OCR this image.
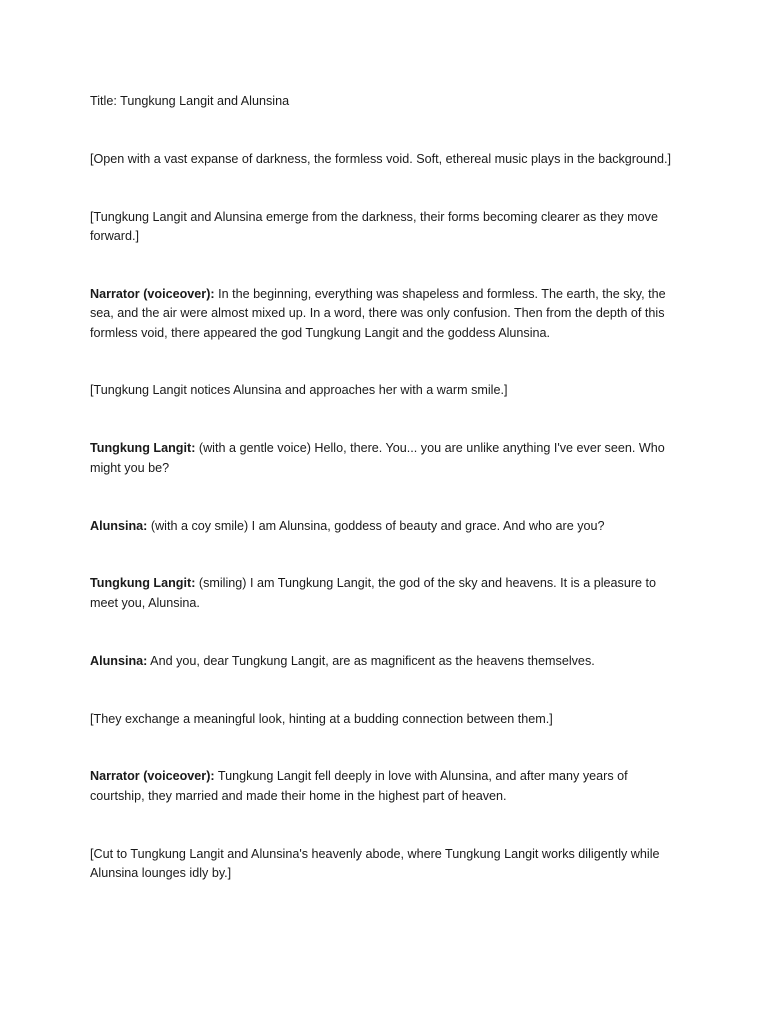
Title: Tungkung Langit and Alunsina

[Open with a vast expanse of darkness, the formless void. Soft, ethereal music plays in the background.]

[Tungkung Langit and Alunsina emerge from the darkness, their forms becoming clearer as they move forward.]

Narrator (voiceover): In the beginning, everything was shapeless and formless. The earth, the sky, the sea, and the air were almost mixed up. In a word, there was only confusion. Then from the depth of this formless void, there appeared the god Tungkung Langit and the goddess Alunsina.

[Tungkung Langit notices Alunsina and approaches her with a warm smile.]

Tungkung Langit: (with a gentle voice) Hello, there. You... you are unlike anything I've ever seen. Who might you be?

Alunsina: (with a coy smile) I am Alunsina, goddess of beauty and grace. And who are you?

Tungkung Langit: (smiling) I am Tungkung Langit, the god of the sky and heavens. It is a pleasure to meet you, Alunsina.

Alunsina: And you, dear Tungkung Langit, are as magnificent as the heavens themselves.

[They exchange a meaningful look, hinting at a budding connection between them.]

Narrator (voiceover): Tungkung Langit fell deeply in love with Alunsina, and after many years of courtship, they married and made their home in the highest part of heaven.

[Cut to Tungkung Langit and Alunsina's heavenly abode, where Tungkung Langit works diligently while Alunsina lounges idly by.]
